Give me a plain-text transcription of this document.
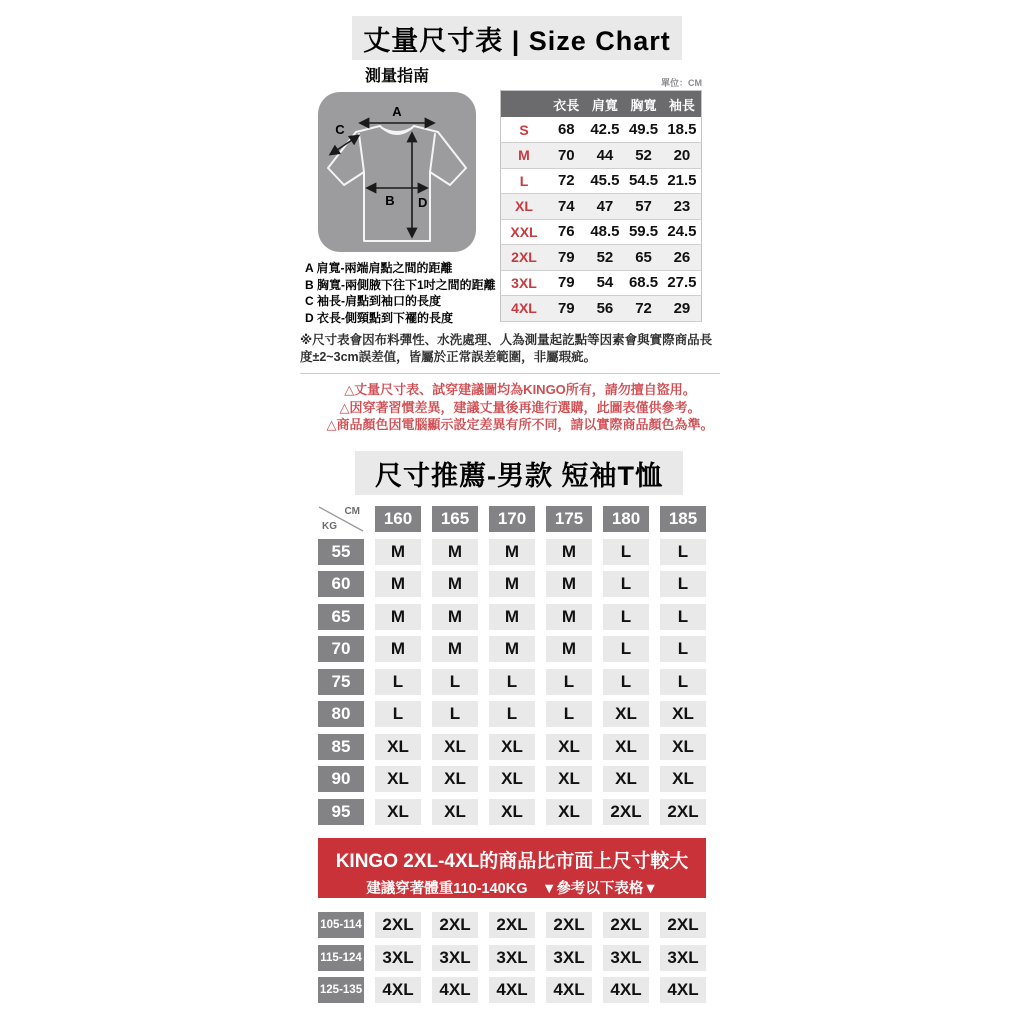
丈量尺寸表 | Size Chart
測量指南
A
B
C
D
單位：CM
	衣長	肩寬	胸寬	袖長
S	68	42.5	49.5	18.5
M	70	44	52	20
L	72	45.5	54.5	21.5
XL	74	47	57	23
XXL	76	48.5	59.5	24.5
2XL	79	52	65	26
3XL	79	54	68.5	27.5
4XL	79	56	72	29
A 肩寬-兩端肩點之間的距離
B 胸寬-兩側腋下往下1吋之間的距離
C 袖長-肩點到袖口的長度
D 衣長-側頸點到下襬的長度
※尺寸表會因布料彈性、水洗處理、人為測量起訖點等因素會與實際商品長度±2~3cm誤差值，皆屬於正常誤差範圍，非屬瑕疵。
△丈量尺寸表、試穿建議圖均為KINGO所有，請勿擅自盜用。
△因穿著習慣差異，建議丈量後再進行選購，此圖表僅供參考。
△商品顏色因電腦顯示設定差異有所不同，請以實際商品顏色為準。
尺寸推薦-男款 短袖T恤
CM
KG	160	165	170	175	180	185
55	M	M	M	M	L	L
60	M	M	M	M	L	L
65	M	M	M	M	L	L
70	M	M	M	M	L	L
75	L	L	L	L	L	L
80	L	L	L	L	XL	XL
85	XL	XL	XL	XL	XL	XL
90	XL	XL	XL	XL	XL	XL
95	XL	XL	XL	XL	2XL	2XL
KINGO 2XL-4XL的商品比市面上尺寸較大
建議穿著體重110-140KG　▼參考以下表格▼
105-114	2XL	2XL	2XL	2XL	2XL	2XL
115-124	3XL	3XL	3XL	3XL	3XL	3XL
125-135	4XL	4XL	4XL	4XL	4XL	4XL
